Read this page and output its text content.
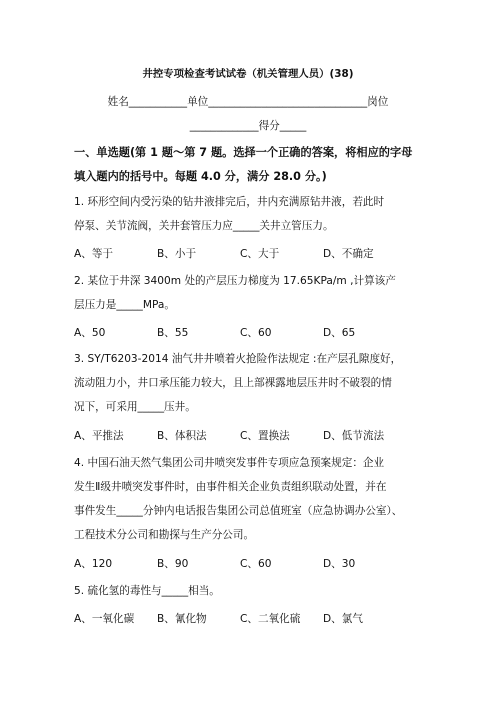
井控专项检查考试试卷（机关管理人员）(38)
姓名___________单位______________________________岗位
_____________得分_____
一、单选题(第 1 题～第 7 题。选择一个正确的答案，将相应的字母
填入题内的括号中。每题 4.0 分，满分 28.0 分。)
1. 环形空间内受污染的钻井液排完后，井内充满原钻井液，若此时
停泵、关节流阀，关井套管压力应_____关井立管压力。
A、等于	B、小于	C、大于	D、不确定
2. 某位于井深 3400m 处的产层压力梯度为 17.65KPa/m ,计算该产
层压力是_____MPa。
A、50	B、55	C、60	D、65
3. SY/T6203-2014 油气井井喷着火抢险作法规定 :在产层孔隙度好，
流动阻力小，井口承压能力较大，且上部裸露地层压井时不破裂的情
况下，可采用_____压井。
A、平推法	B、体积法	C、置换法	D、低节流法
4. 中国石油天然气集团公司井喷突发事件专项应急预案规定：企业
发生Ⅱ级井喷突发事件时，由事件相关企业负责组织联动处置，并在
事件发生_____分钟内电话报告集团公司总值班室（应急协调办公室）、
工程技术分公司和勘探与生产分公司。
A、120	B、90	C、60	D、30
5. 硫化氢的毒性与_____相当。
A、一氧化碳	B、氰化物	C、二氧化硫	D、氯气
